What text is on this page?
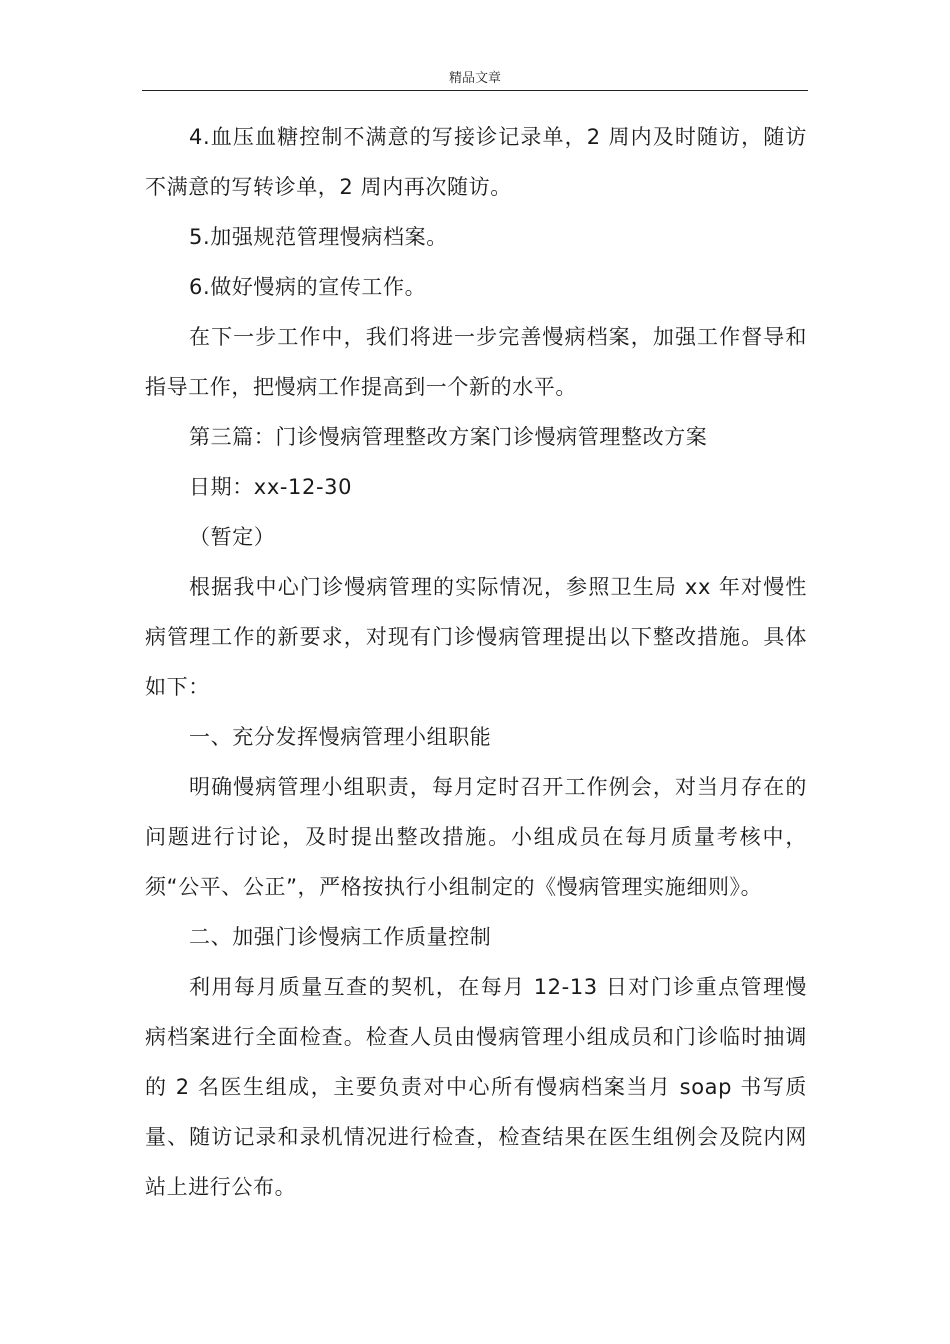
精品文章

4.血压血糖控制不满意的写接诊记录单，2 周内及时随访，随访不满意的写转诊单，2 周内再次随访。

5.加强规范管理慢病档案。

6.做好慢病的宣传工作。

在下一步工作中，我们将进一步完善慢病档案，加强工作督导和指导工作，把慢病工作提高到一个新的水平。

第三篇：门诊慢病管理整改方案门诊慢病管理整改方案

日期：xx-12-30

（暂定）

根据我中心门诊慢病管理的实际情况，参照卫生局 xx 年对慢性病管理工作的新要求，对现有门诊慢病管理提出以下整改措施。具体如下：

一、充分发挥慢病管理小组职能

明确慢病管理小组职责，每月定时召开工作例会，对当月存在的问题进行讨论，及时提出整改措施。小组成员在每月质量考核中，须“公平、公正”，严格按执行小组制定的《慢病管理实施细则》。

二、加强门诊慢病工作质量控制

利用每月质量互查的契机，在每月 12-13 日对门诊重点管理慢病档案进行全面检查。检查人员由慢病管理小组成员和门诊临时抽调的 2 名医生组成，主要负责对中心所有慢病档案当月 soap 书写质量、随访记录和录机情况进行检查，检查结果在医生组例会及院内网站上进行公布。
